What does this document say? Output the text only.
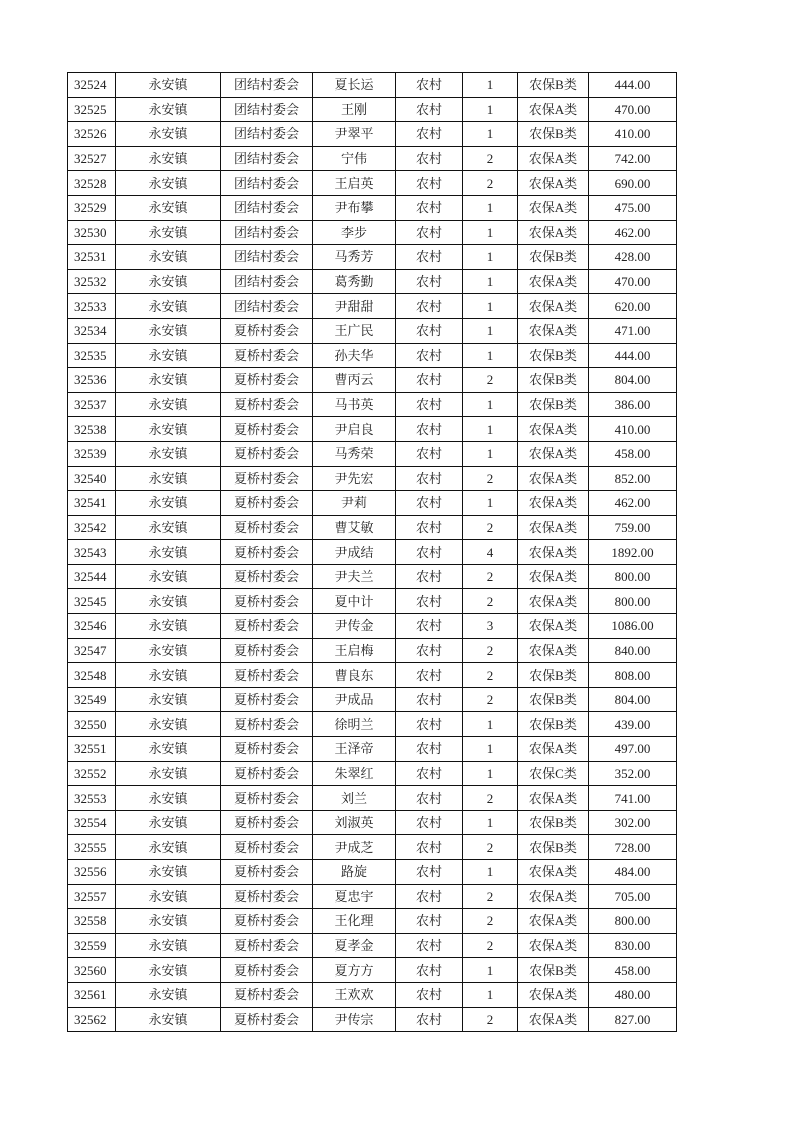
32524	永安镇	团结村委会	夏长运	农村	1	农保B类	444.00
32525	永安镇	团结村委会	王刚	农村	1	农保A类	470.00
32526	永安镇	团结村委会	尹翠平	农村	1	农保B类	410.00
32527	永安镇	团结村委会	宁伟	农村	2	农保A类	742.00
32528	永安镇	团结村委会	王启英	农村	2	农保A类	690.00
32529	永安镇	团结村委会	尹布攀	农村	1	农保A类	475.00
32530	永安镇	团结村委会	李步	农村	1	农保A类	462.00
32531	永安镇	团结村委会	马秀芳	农村	1	农保B类	428.00
32532	永安镇	团结村委会	葛秀勤	农村	1	农保A类	470.00
32533	永安镇	团结村委会	尹甜甜	农村	1	农保A类	620.00
32534	永安镇	夏桥村委会	王广民	农村	1	农保A类	471.00
32535	永安镇	夏桥村委会	孙夫华	农村	1	农保B类	444.00
32536	永安镇	夏桥村委会	曹丙云	农村	2	农保B类	804.00
32537	永安镇	夏桥村委会	马书英	农村	1	农保B类	386.00
32538	永安镇	夏桥村委会	尹启良	农村	1	农保A类	410.00
32539	永安镇	夏桥村委会	马秀荣	农村	1	农保A类	458.00
32540	永安镇	夏桥村委会	尹先宏	农村	2	农保A类	852.00
32541	永安镇	夏桥村委会	尹莉	农村	1	农保A类	462.00
32542	永安镇	夏桥村委会	曹艾敏	农村	2	农保A类	759.00
32543	永安镇	夏桥村委会	尹成结	农村	4	农保A类	1892.00
32544	永安镇	夏桥村委会	尹夫兰	农村	2	农保A类	800.00
32545	永安镇	夏桥村委会	夏中计	农村	2	农保A类	800.00
32546	永安镇	夏桥村委会	尹传金	农村	3	农保A类	1086.00
32547	永安镇	夏桥村委会	王启梅	农村	2	农保A类	840.00
32548	永安镇	夏桥村委会	曹良东	农村	2	农保B类	808.00
32549	永安镇	夏桥村委会	尹成品	农村	2	农保B类	804.00
32550	永安镇	夏桥村委会	徐明兰	农村	1	农保B类	439.00
32551	永安镇	夏桥村委会	王泽帝	农村	1	农保A类	497.00
32552	永安镇	夏桥村委会	朱翠红	农村	1	农保C类	352.00
32553	永安镇	夏桥村委会	刘兰	农村	2	农保A类	741.00
32554	永安镇	夏桥村委会	刘淑英	农村	1	农保B类	302.00
32555	永安镇	夏桥村委会	尹成芝	农村	2	农保B类	728.00
32556	永安镇	夏桥村委会	路旋	农村	1	农保A类	484.00
32557	永安镇	夏桥村委会	夏忠宇	农村	2	农保A类	705.00
32558	永安镇	夏桥村委会	王化理	农村	2	农保A类	800.00
32559	永安镇	夏桥村委会	夏孝金	农村	2	农保A类	830.00
32560	永安镇	夏桥村委会	夏方方	农村	1	农保B类	458.00
32561	永安镇	夏桥村委会	王欢欢	农村	1	农保A类	480.00
32562	永安镇	夏桥村委会	尹传宗	农村	2	农保A类	827.00
